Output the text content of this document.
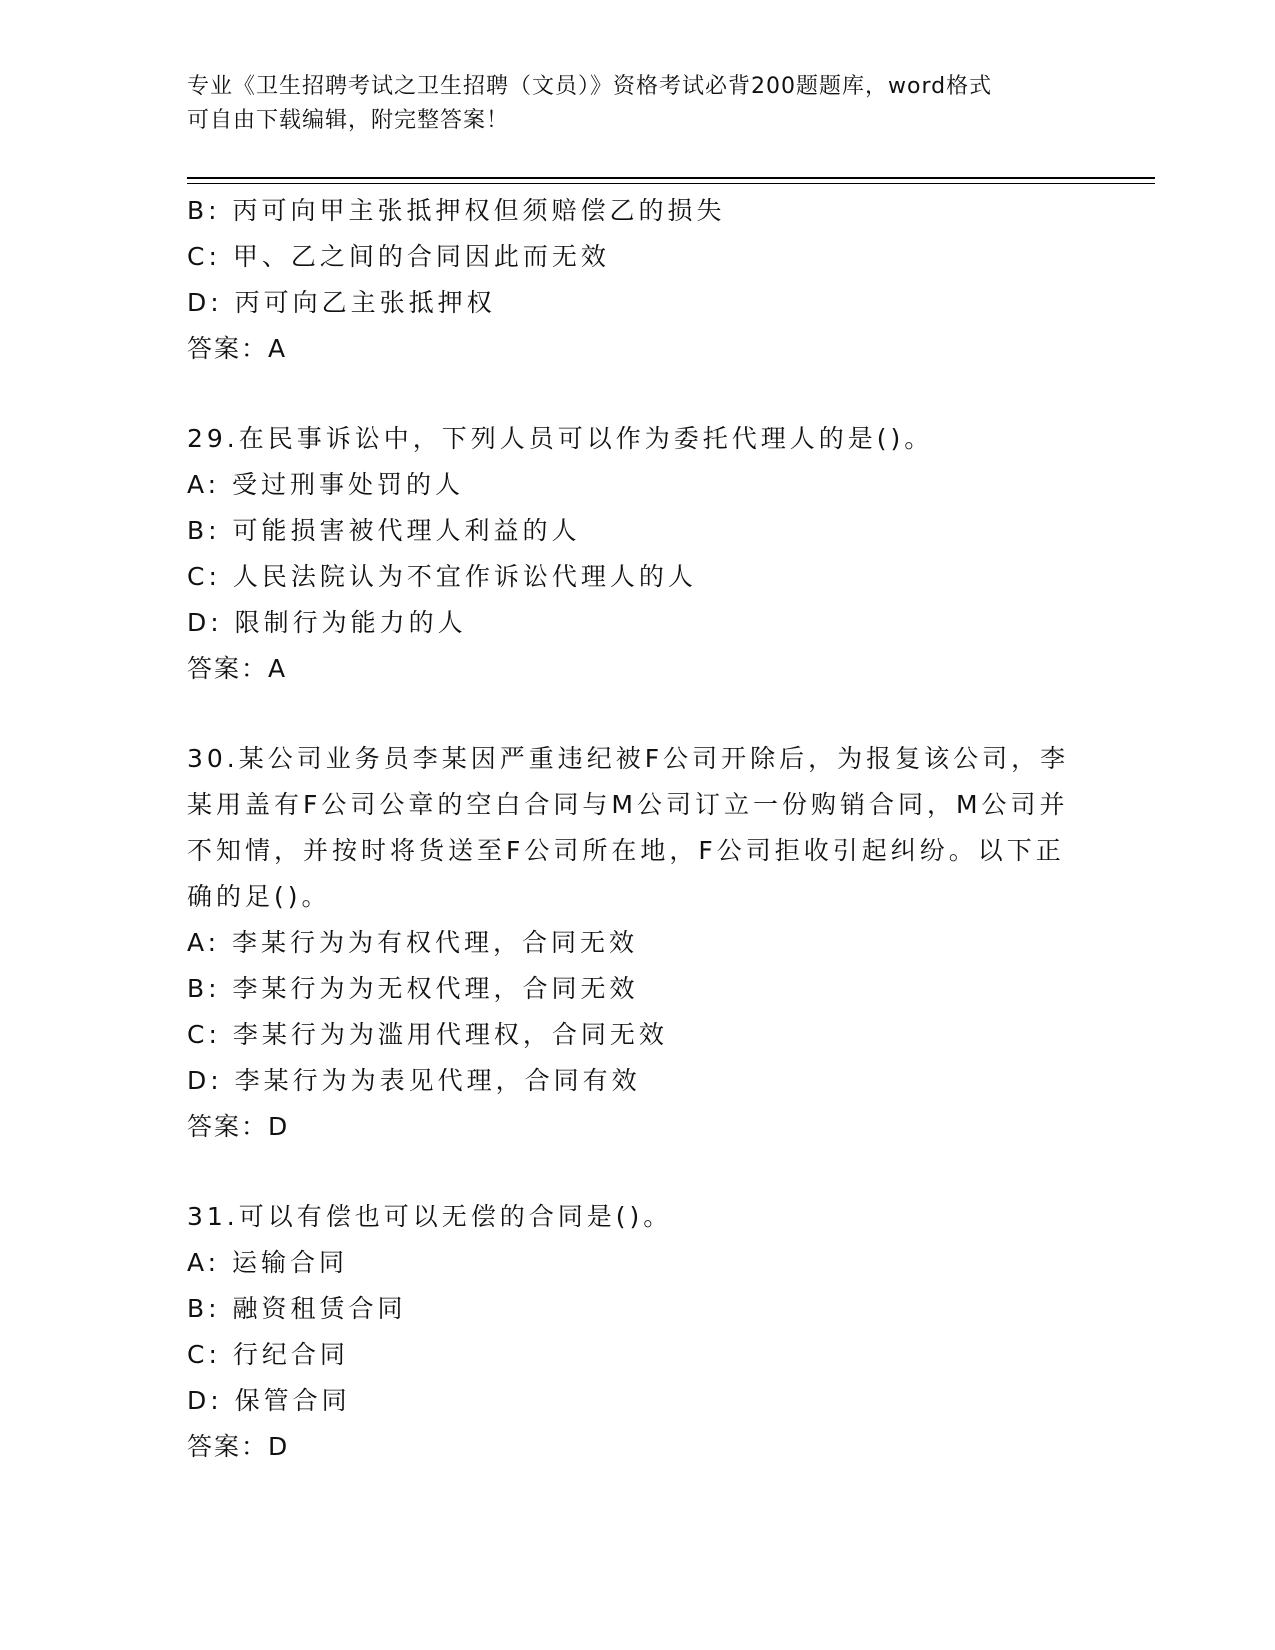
专业《卫生招聘考试之卫生招聘（文员）》资格考试必背200题题库，word格式
可自由下载编辑，附完整答案！
B: 丙可向甲主张抵押权但须赔偿乙的损失
C: 甲、乙之间的合同因此而无效
D: 丙可向乙主张抵押权
答案：A
29.在民事诉讼中，下列人员可以作为委托代理人的是()。
A: 受过刑事处罚的人
B: 可能损害被代理人利益的人
C: 人民法院认为不宜作诉讼代理人的人
D: 限制行为能力的人
答案：A
30.某公司业务员李某因严重违纪被F公司开除后，为报复该公司，李
某用盖有F公司公章的空白合同与M公司订立一份购销合同，M公司并
不知情，并按时将货送至F公司所在地，F公司拒收引起纠纷。以下正
确的足()。
A: 李某行为为有权代理，合同无效
B: 李某行为为无权代理，合同无效
C: 李某行为为滥用代理权，合同无效
D: 李某行为为表见代理，合同有效
答案：D
31.可以有偿也可以无偿的合同是()。
A: 运输合同
B: 融资租赁合同
C: 行纪合同
D: 保管合同
答案：D
